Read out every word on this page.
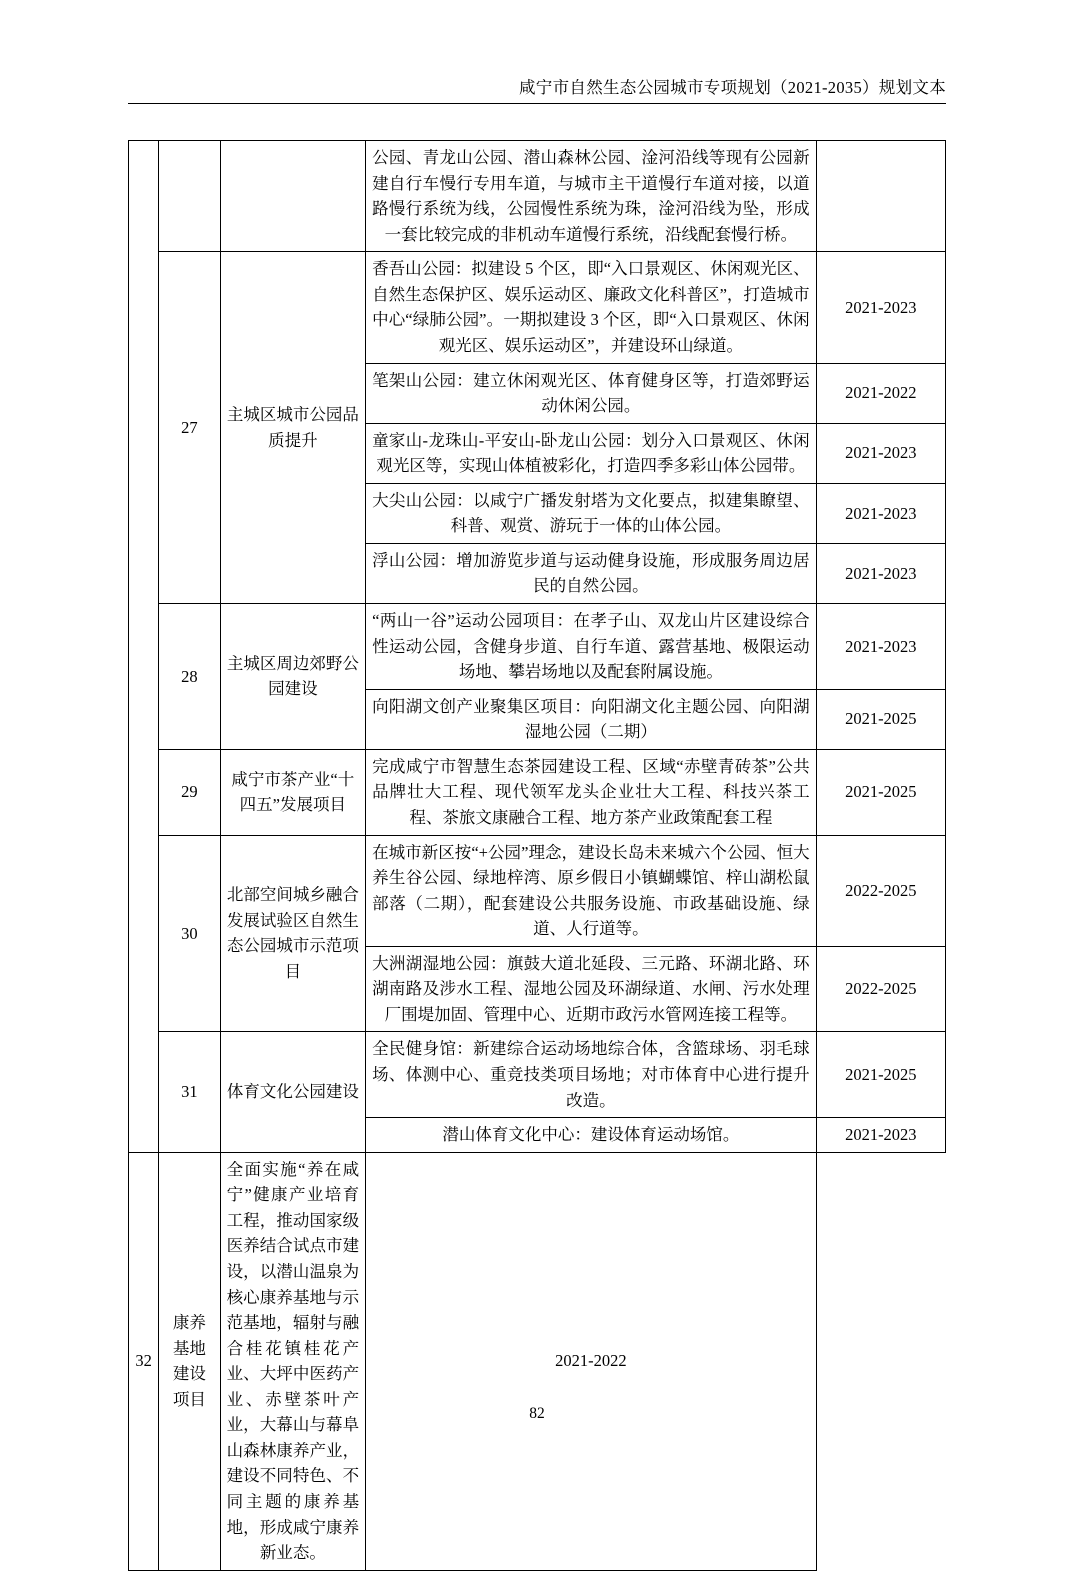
咸宁市自然生态公园城市专项规划（2021-2035）规划文本
			公园、青龙山公园、潜山森林公园、淦河沿线等现有公园新建自行车慢行专用车道，与城市主干道慢行车道对接，以道路慢行系统为线，公园慢性系统为珠，淦河沿线为坠，形成一套比较完成的非机动车道慢行系统，沿线配套慢行桥。	
	27	主城区城市公园品质提升	香吾山公园：拟建设 5 个区，即“入口景观区、休闲观光区、自然生态保护区、娱乐运动区、廉政文化科普区”，打造城市中心“绿肺公园”。一期拟建设 3 个区，即“入口景观区、休闲观光区、娱乐运动区”，并建设环山绿道。	2021-2023
			笔架山公园：建立休闲观光区、体育健身区等，打造郊野运动休闲公园。	2021-2022
			童家山-龙珠山-平安山-卧龙山公园：划分入口景观区、休闲观光区等，实现山体植被彩化，打造四季多彩山体公园带。	2021-2023
			大尖山公园：以咸宁广播发射塔为文化要点，拟建集瞭望、科普、观赏、游玩于一体的山体公园。	2021-2023
			浮山公园：增加游览步道与运动健身设施，形成服务周边居民的自然公园。	2021-2023
	28	主城区周边郊野公园建设	“两山一谷”运动公园项目：在孝子山、双龙山片区建设综合性运动公园，含健身步道、自行车道、露营基地、极限运动场地、攀岩场地以及配套附属设施。	2021-2023
			向阳湖文创产业聚集区项目：向阳湖文化主题公园、向阳湖湿地公园（二期）	2021-2025
	29	咸宁市茶产业“十四五”发展项目	完成咸宁市智慧生态茶园建设工程、区域“赤壁青砖茶”公共品牌壮大工程、现代领军龙头企业壮大工程、科技兴茶工程、茶旅文康融合工程、地方茶产业政策配套工程	2021-2025
	30	北部空间城乡融合发展试验区自然生态公园城市示范项目	在城市新区按“+公园”理念，建设长岛未来城六个公园、恒大养生谷公园、绿地梓湾、原乡假日小镇蝴蝶馆、梓山湖松鼠部落（二期），配套建设公共服务设施、市政基础设施、绿道、人行道等。	2022-2025
			大洲湖湿地公园：旗鼓大道北延段、三元路、环湖北路、环湖南路及涉水工程、湿地公园及环湖绿道、水闸、污水处理厂围堤加固、管理中心、近期市政污水管网连接工程等。	2022-2025
	31	体育文化公园建设	全民健身馆：新建综合运动场地综合体，含篮球场、羽毛球场、体测中心、重竞技类项目场地；对市体育中心进行提升改造。	2021-2025
			潜山体育文化中心：建设体育运动场馆。	2021-2023
32	康养基地建设项目	全面实施“养在咸宁”健康产业培育工程，推动国家级医养结合试点市建设，以潜山温泉为核心康养基地与示范基地，辐射与融合桂花镇桂花产业、大坪中医药产业、赤壁茶叶产业，大幕山与幕阜山森林康养产业，建设不同特色、不同主题的康养基地，形成咸宁康养新业态。	2021-2022	
82
